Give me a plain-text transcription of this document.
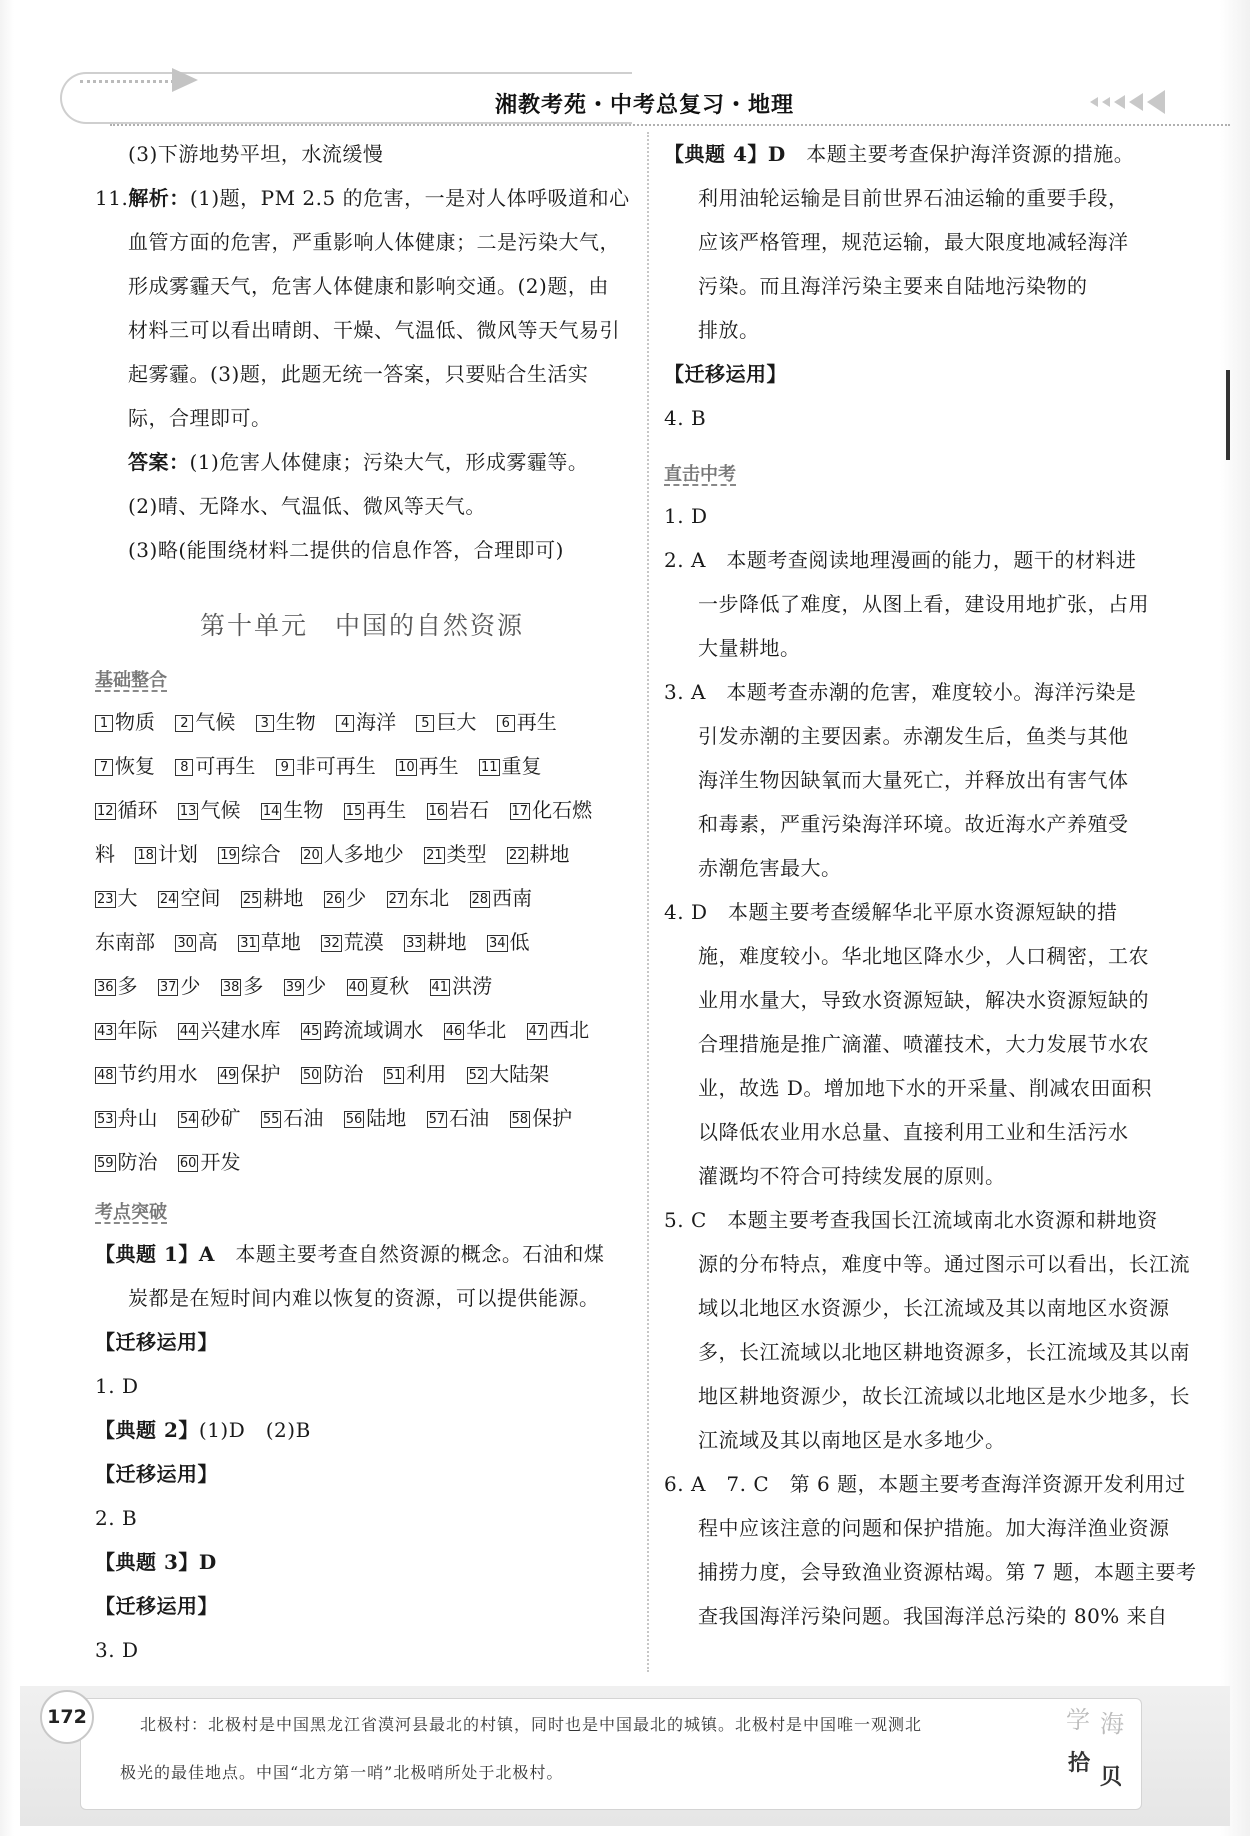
湘教考苑・中考总复习・地理
(3)下游地势平坦，水流缓慢
11.解析：(1)题，PM 2.5 的危害，一是对人体呼吸道和心
血管方面的危害，严重影响人体健康；二是污染大气，
形成雾霾天气，危害人体健康和影响交通。(2)题，由
材料三可以看出晴朗、干燥、气温低、微风等天气易引
起雾霾。(3)题，此题无统一答案，只要贴合生活实
际，合理即可。
答案：(1)危害人体健康；污染大气，形成雾霾等。
(2)晴、无降水、气温低、微风等天气。
(3)略(能围绕材料二提供的信息作答，合理即可)
第十单元　中国的自然资源
基础整合
1 物质 2 气候 3 生物 4 海洋 5 巨大 6 再生
7 恢复 8 可再生 9 非可再生 10 再生 11 重复
12 循环 13 气候 14 生物 15 再生 16 岩石 17 化石燃
料 18 计划 19 综合 20 人多地少 21 类型 22 耕地
23 大 24 空间 25 耕地 26 少 27 东北 28 西南
东南部 30 高 31 草地 32 荒漠 33 耕地 34 低
36 多 37 少 38 多 39 少 40 夏秋 41 洪涝
43 年际 44 兴建水库 45 跨流域调水 46 华北 47 西北
48 节约用水 49 保护 50 防治 51 利用 52 大陆架
53 舟山 54 砂矿 55 石油 56 陆地 57 石油 58 保护
59 防治 60 开发
考点突破
【典题 1】A　本题主要考查自然资源的概念。石油和煤
炭都是在短时间内难以恢复的资源，可以提供能源。
【迁移运用】
1. D
【典题 2】(1)D　(2)B
【迁移运用】
2. B
【典题 3】D
【迁移运用】
3. D
【典题 4】D　本题主要考查保护海洋资源的措施。
利用油轮运输是目前世界石油运输的重要手段，
应该严格管理，规范运输，最大限度地减轻海洋
污染。而且海洋污染主要来自陆地污染物的
排放。
【迁移运用】
4. B
直击中考
1. D
2. A　本题考查阅读地理漫画的能力，题干的材料进
一步降低了难度，从图上看，建设用地扩张，占用
大量耕地。
3. A　本题考查赤潮的危害，难度较小。海洋污染是
引发赤潮的主要因素。赤潮发生后，鱼类与其他
海洋生物因缺氧而大量死亡，并释放出有害气体
和毒素，严重污染海洋环境。故近海水产养殖受
赤潮危害最大。
4. D　本题主要考查缓解华北平原水资源短缺的措
施，难度较小。华北地区降水少，人口稠密，工农
业用水量大，导致水资源短缺，解决水资源短缺的
合理措施是推广滴灌、喷灌技术，大力发展节水农
业，故选 D。增加地下水的开采量、削减农田面积
以降低农业用水总量、直接利用工业和生活污水
灌溉均不符合可持续发展的原则。
5. C　本题主要考查我国长江流域南北水资源和耕地资
源的分布特点，难度中等。通过图示可以看出，长江流
域以北地区水资源少，长江流域及其以南地区水资源
多，长江流域以北地区耕地资源多，长江流域及其以南
地区耕地资源少，故长江流域以北地区是水少地多，长
江流域及其以南地区是水多地少。
6. A　7. C　第 6 题，本题主要考查海洋资源开发利用过
程中应该注意的问题和保护措施。加大海洋渔业资源
捕捞力度，会导致渔业资源枯竭。第 7 题，本题主要考
查我国海洋污染问题。我国海洋总污染的 80% 来自
172	北极村：北极村是中国黑龙江省漠河县最北的村镇，同时也是中国最北的城镇。北极村是中国唯一观测北
极光的最佳地点。中国“北方第一哨”北极哨所处于北极村。
学 海
拾
贝
